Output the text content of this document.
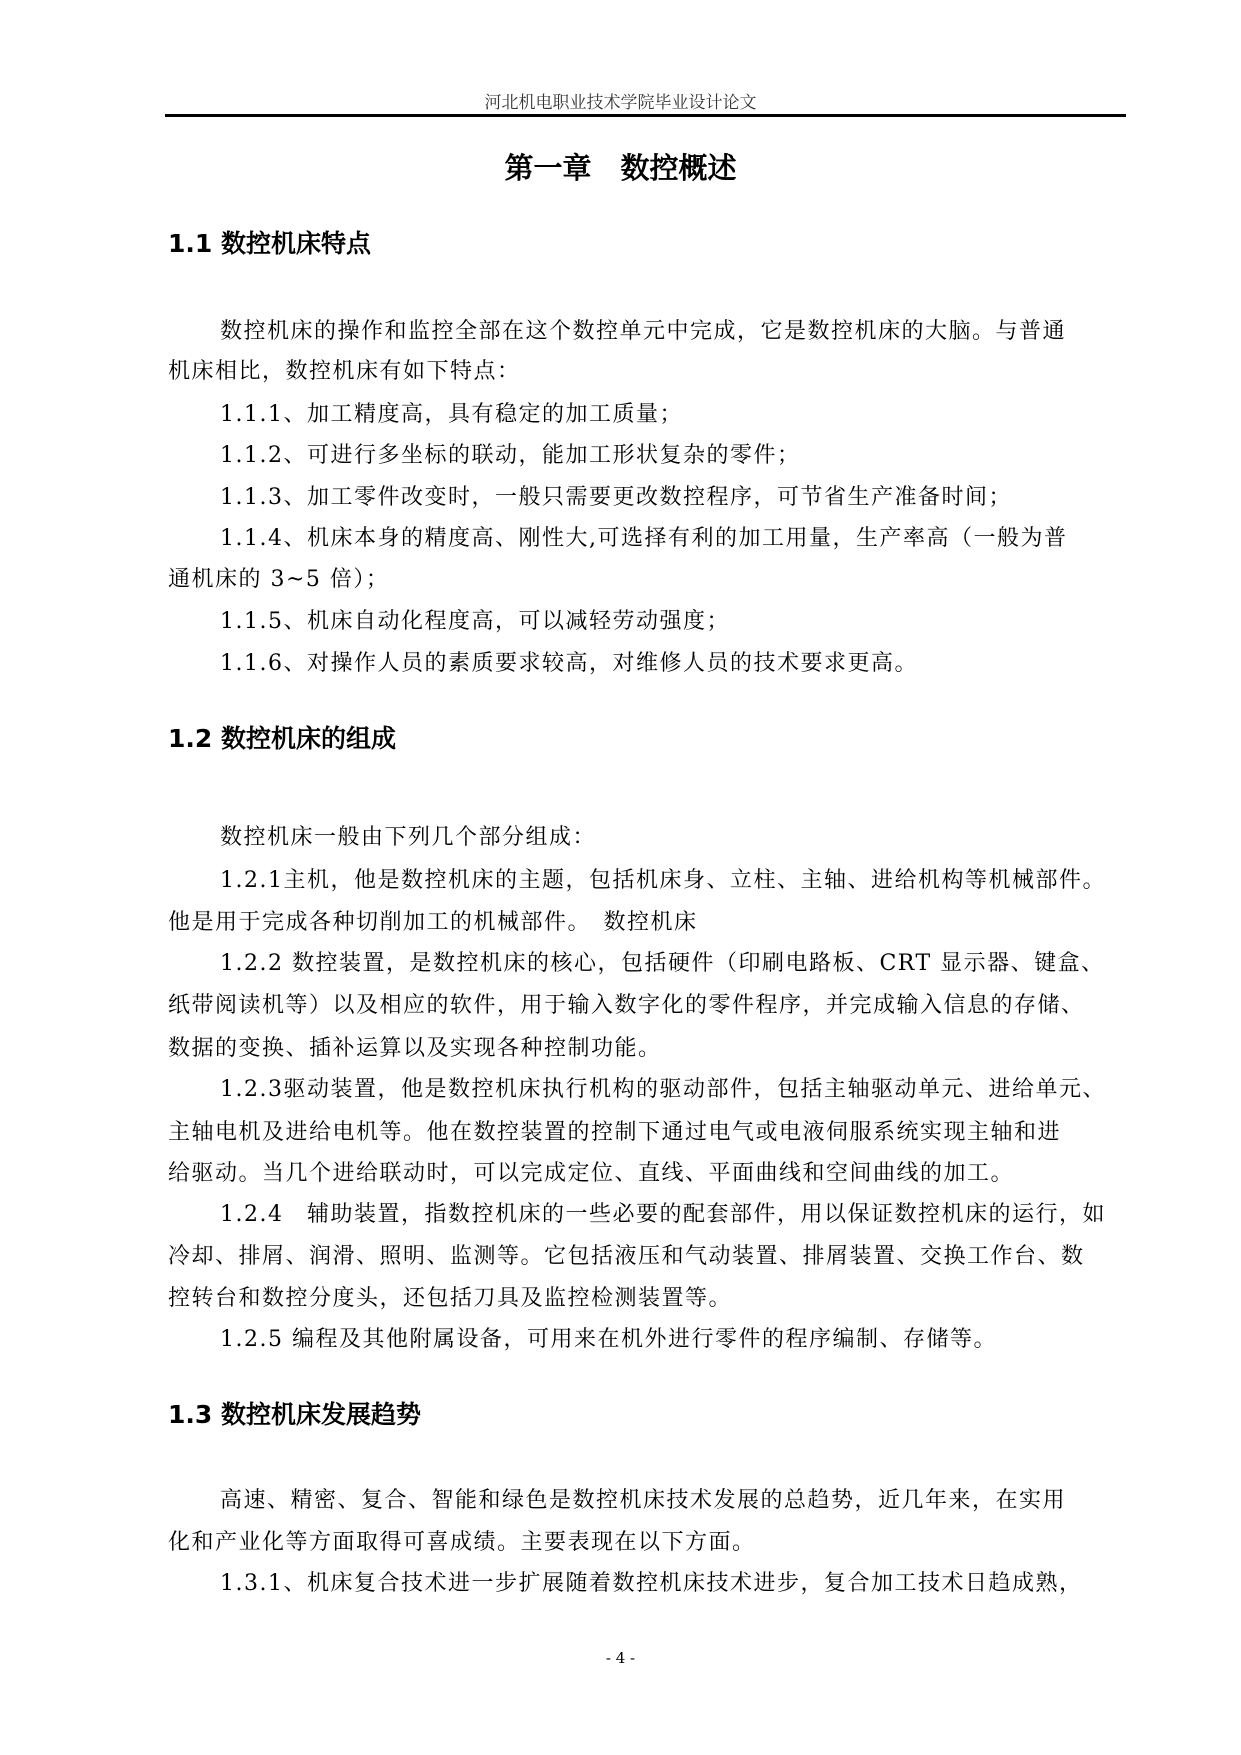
河北机电职业技术学院毕业设计论文
第一章　数控概述
1.1 数控机床特点
数控机床的操作和监控全部在这个数控单元中完成，它是数控机床的大脑。与普通
机床相比，数控机床有如下特点：
1.1.1、加工精度高，具有稳定的加工质量；
1.1.2、可进行多坐标的联动，能加工形状复杂的零件；
1.1.3、加工零件改变时，一般只需要更改数控程序，可节省生产准备时间；
1.1.4、机床本身的精度高、刚性大,可选择有利的加工用量，生产率高（一般为普
通机床的 3~5 倍）；
1.1.5、机床自动化程度高，可以减轻劳动强度；
1.1.6、对操作人员的素质要求较高，对维修人员的技术要求更高。
1.2 数控机床的组成
数控机床一般由下列几个部分组成：
1.2.1主机，他是数控机床的主题，包括机床身、立柱、主轴、进给机构等机械部件。
他是用于完成各种切削加工的机械部件。　数控机床
1.2.2 数控装置，是数控机床的核心，包括硬件（印刷电路板、CRT 显示器、键盒、
纸带阅读机等）以及相应的软件，用于输入数字化的零件程序，并完成输入信息的存储、
数据的变换、插补运算以及实现各种控制功能。
1.2.3驱动装置，他是数控机床执行机构的驱动部件，包括主轴驱动单元、进给单元、
主轴电机及进给电机等。他在数控装置的控制下通过电气或电液伺服系统实现主轴和进
给驱动。当几个进给联动时，可以完成定位、直线、平面曲线和空间曲线的加工。
1.2.4　辅助装置，指数控机床的一些必要的配套部件，用以保证数控机床的运行，如
冷却、排屑、润滑、照明、监测等。它包括液压和气动装置、排屑装置、交换工作台、数
控转台和数控分度头，还包括刀具及监控检测装置等。
1.2.5 编程及其他附属设备，可用来在机外进行零件的程序编制、存储等。
1.3 数控机床发展趋势
高速、精密、复合、智能和绿色是数控机床技术发展的总趋势，近几年来，在实用
化和产业化等方面取得可喜成绩。主要表现在以下方面。
1.3.1、机床复合技术进一步扩展随着数控机床技术进步，复合加工技术日趋成熟，
- 4 -
